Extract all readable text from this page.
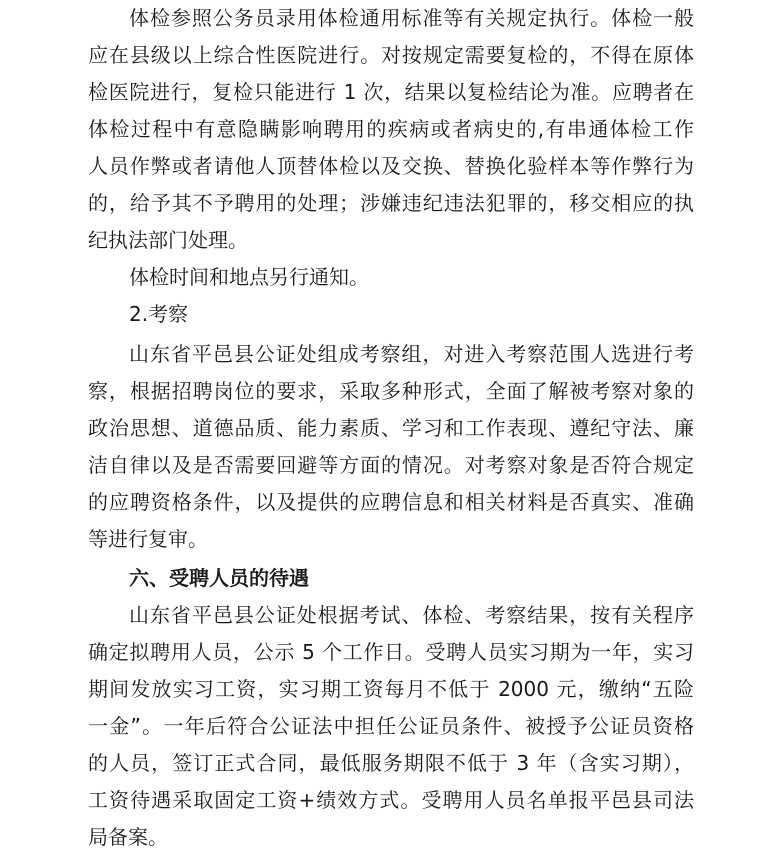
体检参照公务员录用体检通用标准等有关规定执行。体检一般
应在县级以上综合性医院进行。对按规定需要复检的，不得在原体
检医院进行，复检只能进行 1 次，结果以复检结论为准。应聘者在
体检过程中有意隐瞒影响聘用的疾病或者病史的,有串通体检工作
人员作弊或者请他人顶替体检以及交换、替换化验样本等作弊行为
的，给予其不予聘用的处理；涉嫌违纪违法犯罪的，移交相应的执
纪执法部门处理。
体检时间和地点另行通知。
2.考察
山东省平邑县公证处组成考察组，对进入考察范围人选进行考
察，根据招聘岗位的要求，采取多种形式，全面了解被考察对象的
政治思想、道德品质、能力素质、学习和工作表现、遵纪守法、廉
洁自律以及是否需要回避等方面的情况。对考察对象是否符合规定
的应聘资格条件，以及提供的应聘信息和相关材料是否真实、准确
等进行复审。
六、受聘人员的待遇
山东省平邑县公证处根据考试、体检、考察结果，按有关程序
确定拟聘用人员，公示 5 个工作日。受聘人员实习期为一年，实习
期间发放实习工资，实习期工资每月不低于 2000 元，缴纳“五险
一金”。一年后符合公证法中担任公证员条件、被授予公证员资格
的人员，签订正式合同，最低服务期限不低于 3 年（含实习期），
工资待遇采取固定工资+绩效方式。受聘用人员名单报平邑县司法
局备案。
